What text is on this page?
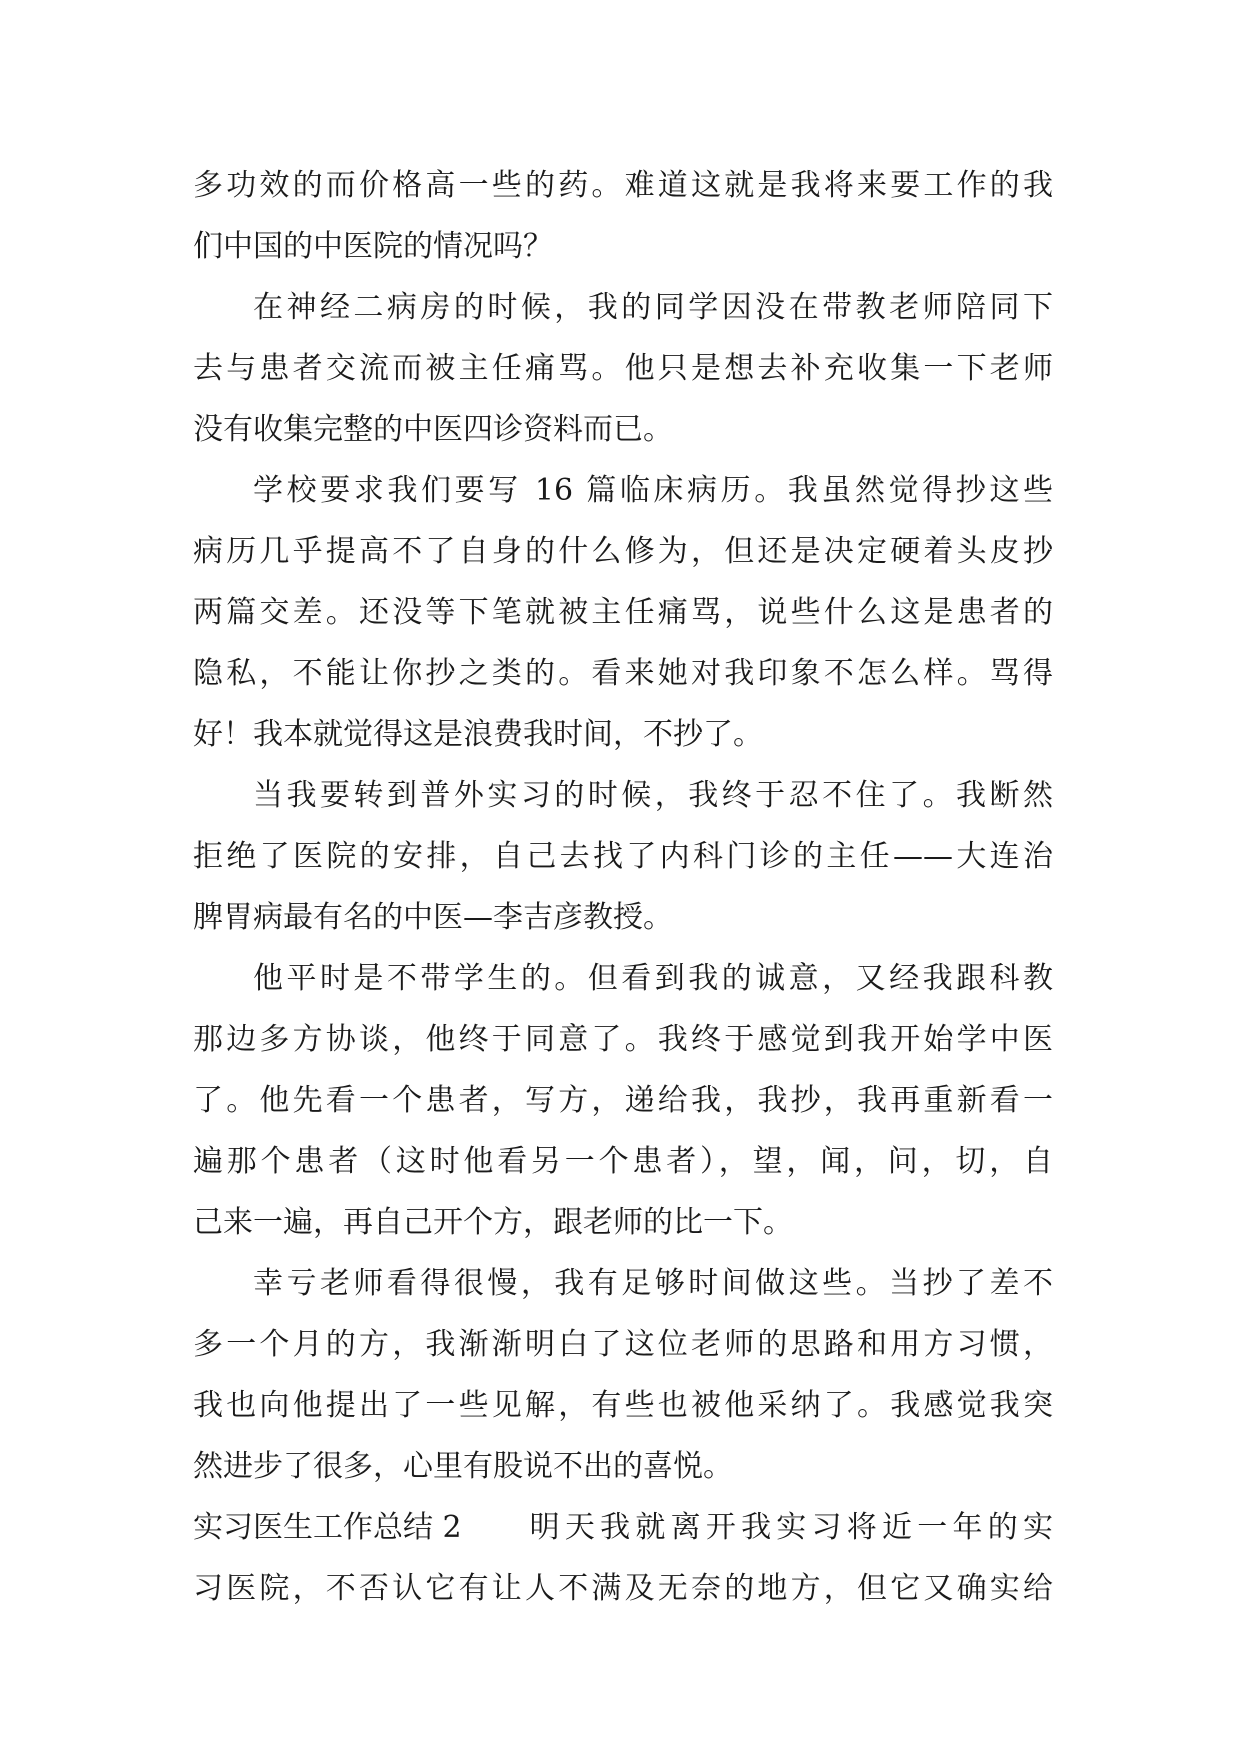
多功效的而价格高一些的药。难道这就是我将来要工作的我
们中国的中医院的情况吗？
在神经二病房的时候，我的同学因没在带教老师陪同下
去与患者交流而被主任痛骂。他只是想去补充收集一下老师
没有收集完整的中医四诊资料而已。
学校要求我们要写 16 篇临床病历。我虽然觉得抄这些
病历几乎提高不了自身的什么修为，但还是决定硬着头皮抄
两篇交差。还没等下笔就被主任痛骂，说些什么这是患者的
隐私，不能让你抄之类的。看来她对我印象不怎么样。骂得
好！我本就觉得这是浪费我时间，不抄了。
当我要转到普外实习的时候，我终于忍不住了。我断然
拒绝了医院的安排，自己去找了内科门诊的主任——大连治
脾胃病最有名的中医—李吉彦教授。
他平时是不带学生的。但看到我的诚意，又经我跟科教
那边多方协谈，他终于同意了。我终于感觉到我开始学中医
了。他先看一个患者，写方，递给我，我抄，我再重新看一
遍那个患者（这时他看另一个患者），望，闻，问，切，自
己来一遍，再自己开个方，跟老师的比一下。
幸亏老师看得很慢，我有足够时间做这些。当抄了差不
多一个月的方，我渐渐明白了这位老师的思路和用方习惯，
我也向他提出了一些见解，有些也被他采纳了。我感觉我突
然进步了很多，心里有股说不出的喜悦。
实习医生工作总结 2 明天我就离开我实习将近一年的实
习医院，不否认它有让人不满及无奈的地方，但它又确实给
